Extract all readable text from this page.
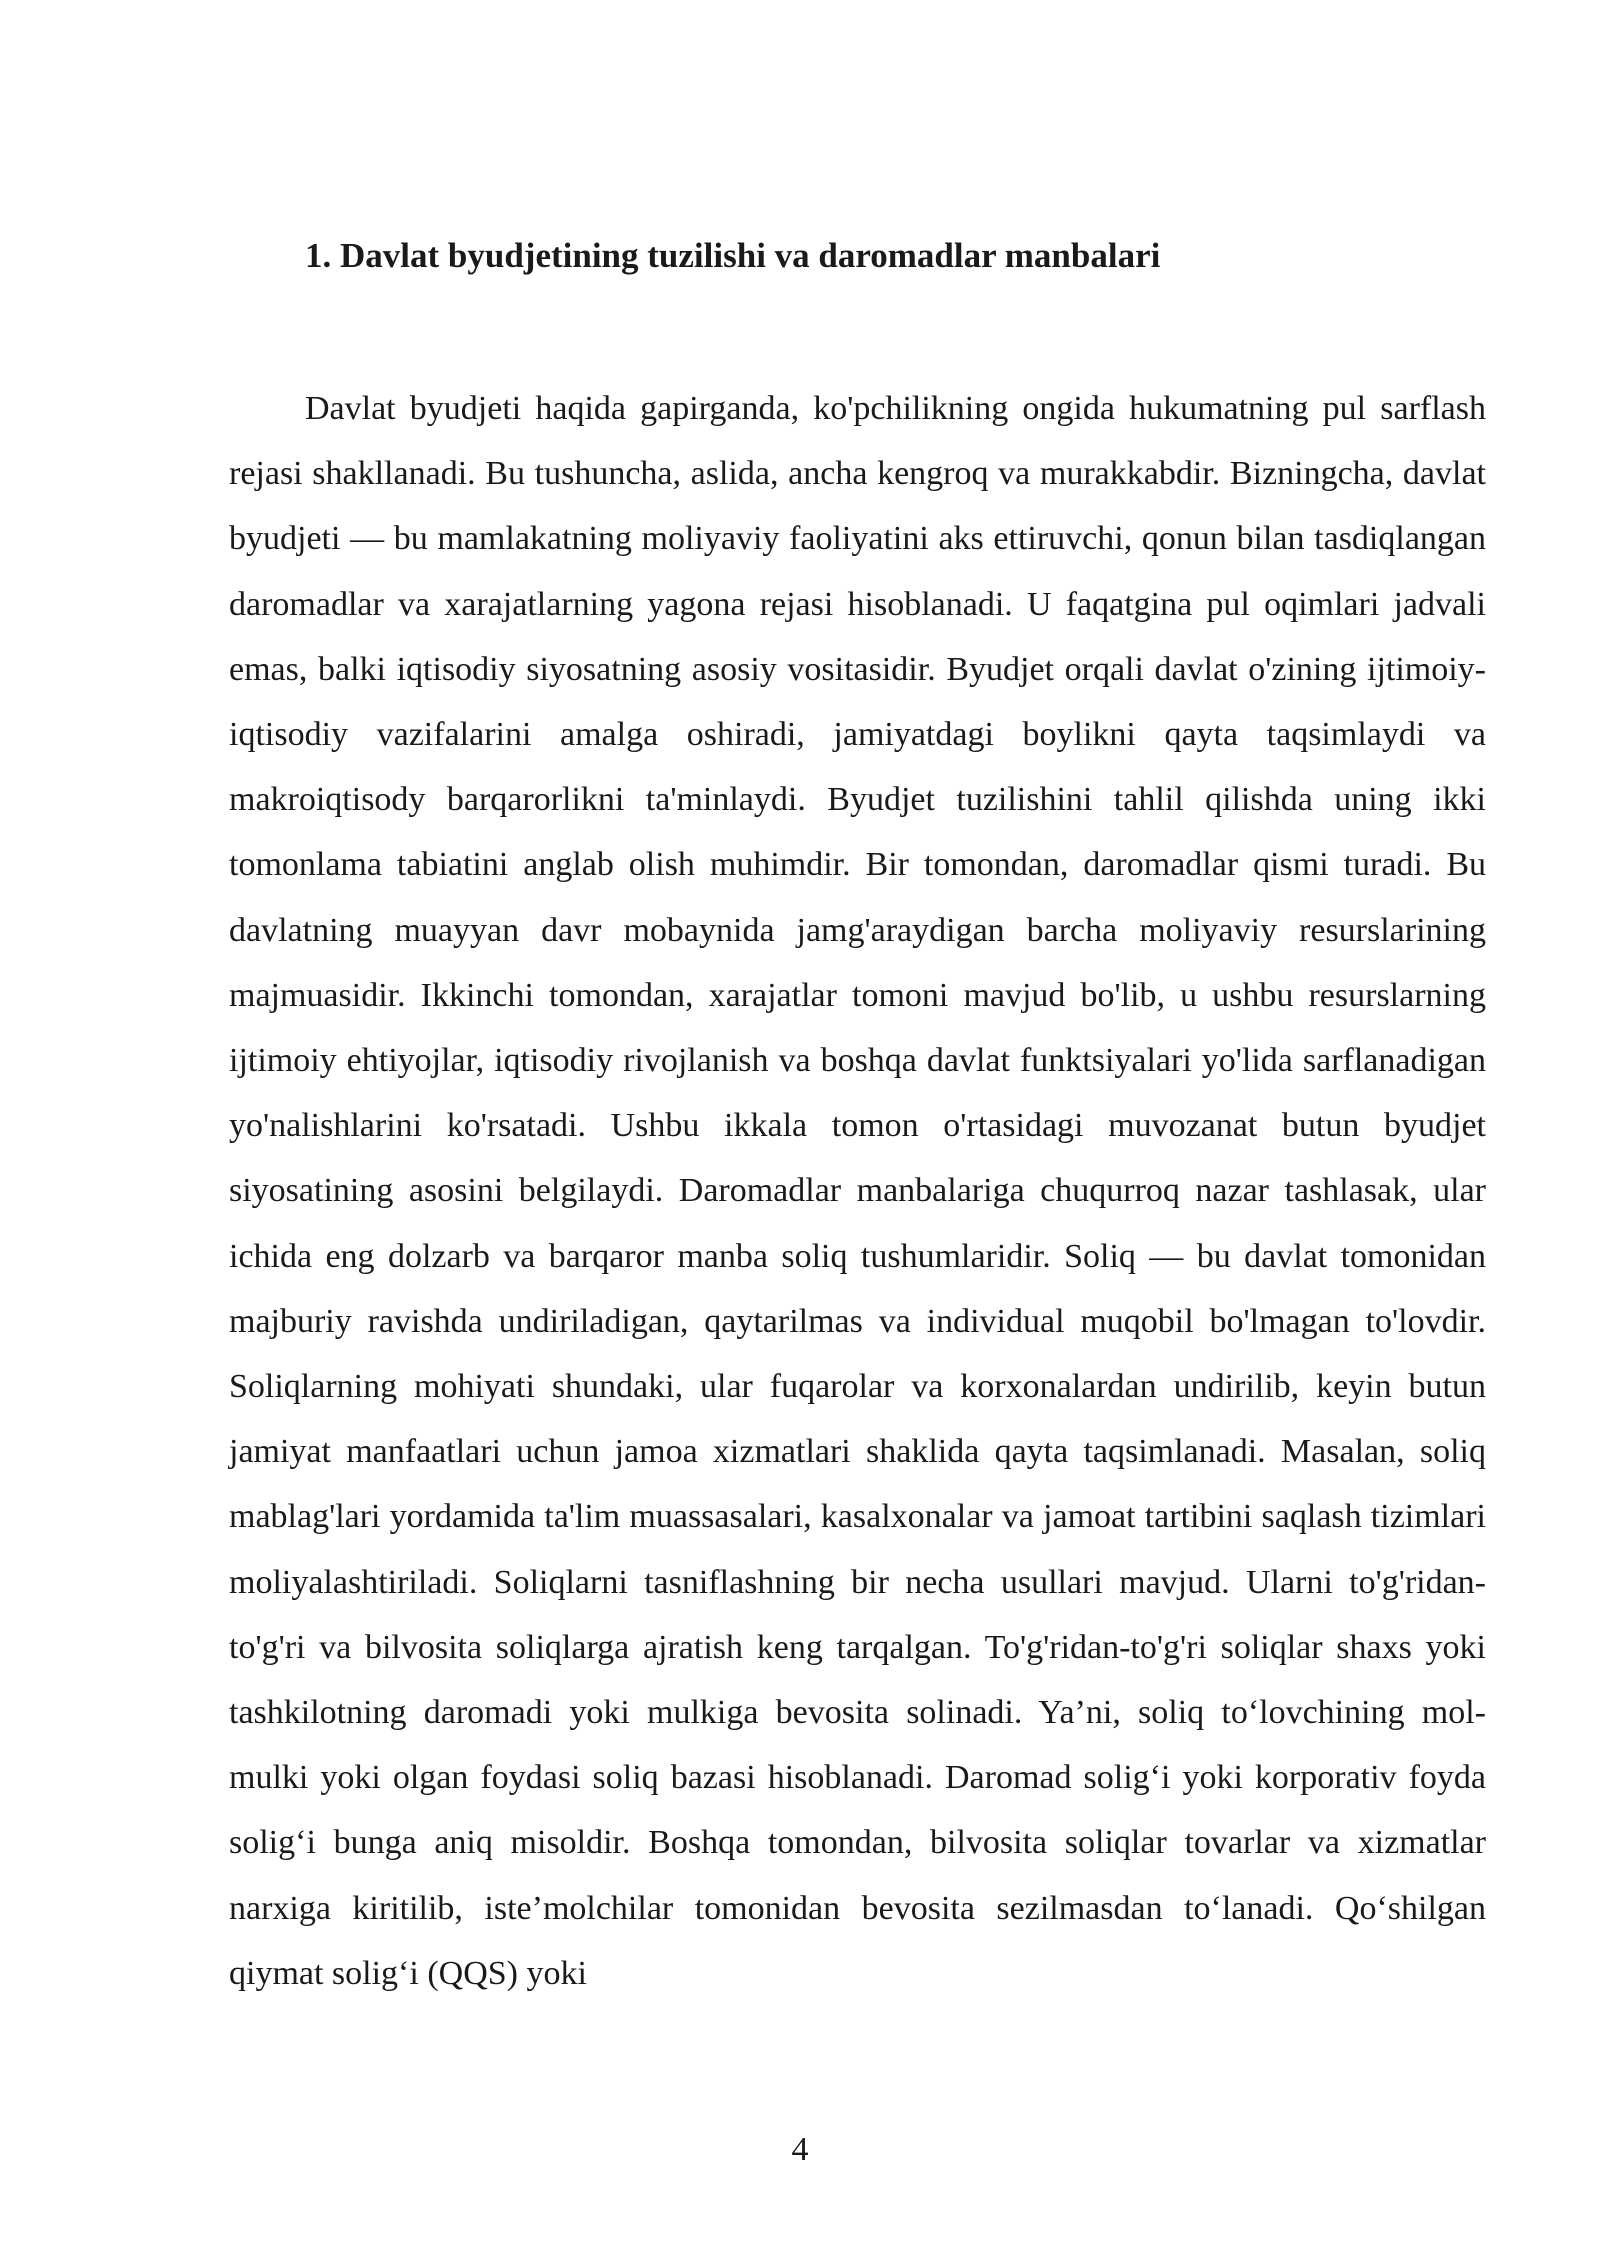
1. Davlat byudjetining tuzilishi va daromadlar manbalari

Davlat byudjeti haqida gapirganda, ko'pchilikning ongida hukumatning pul sarflash rejasi shakllanadi. Bu tushuncha, aslida, ancha kengroq va murakkabdir. Bizningcha, davlat byudjeti — bu mamlakatning moliyaviy faoliyatini aks ettiruvchi, qonun bilan tasdiqlangan daromadlar va xarajatlarning yagona rejasi hisoblanadi. U faqatgina pul oqimlari jadvali emas, balki iqtisodiy siyosatning asosiy vositasidir. Byudjet orqali davlat o'zining ijtimoiy-iqtisodiy vazifalarini amalga oshiradi, jamiyatdagi boylikni qayta taqsimlaydi va makroiqtisody barqarorlikni ta'minlaydi. Byudjet tuzilishini tahlil qilishda uning ikki tomonlama tabiatini anglab olish muhimdir. Bir tomondan, daromadlar qismi turadi. Bu davlatning muayyan davr mobaynida jamg'araydigan barcha moliyaviy resurslarining majmuasidir. Ikkinchi tomondan, xarajatlar tomoni mavjud bo'lib, u ushbu resurslarning ijtimoiy ehtiyojlar, iqtisodiy rivojlanish va boshqa davlat funktsiyalari yo'lida sarflanadigan yo'nalishlarini ko'rsatadi. Ushbu ikkala tomon o'rtasidagi muvozanat butun byudjet siyosatining asosini belgilaydi. Daromadlar manbalariga chuqurroq nazar tashlasak, ular ichida eng dolzarb va barqaror manba soliq tushumlaridir. Soliq — bu davlat tomonidan majburiy ravishda undiriladigan, qaytarilmas va individual muqobil bo'lmagan to'lovdir. Soliqlarning mohiyati shundaki, ular fuqarolar va korxonalardan undirilib, keyin butun jamiyat manfaatlari uchun jamoa xizmatlari shaklida qayta taqsimlanadi. Masalan, soliq mablag'lari yordamida ta'lim muassasalari, kasalxonalar va jamoat tartibini saqlash tizimlari moliyalashtiriladi. Soliqlarni tasniflashning bir necha usullari mavjud. Ularni to'g'ridan-to'g'ri va bilvosita soliqlarga ajratish keng tarqalgan. To'g'ridan-to'g'ri soliqlar shaxs yoki tashkilotning daromadi yoki mulkiga bevosita solinadi. Ya’ni, soliq to‘lovchining mol-mulki yoki olgan foydasi soliq bazasi hisoblanadi. Daromad solig‘i yoki korporativ foyda solig‘i bunga aniq misoldir. Boshqa tomondan, bilvosita soliqlar tovarlar va xizmatlar narxiga kiritilib, iste’molchilar tomonidan bevosita sezilmasdan to‘lanadi. Qo‘shilgan qiymat solig‘i (QQS) yoki

4
